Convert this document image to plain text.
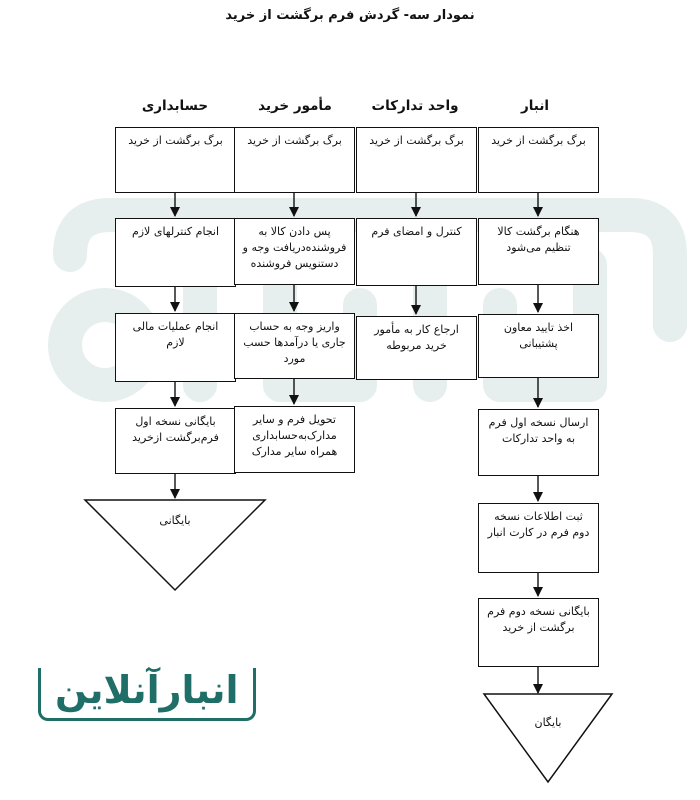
نمودار سه- گردش فرم برگشت از خرید
حسابداری	مأمور خرید	واحد تدارکات	انبار
برگ برگشت از خرید
انجام کنترلهای لازم
انجام عملیات مالی لازم
بایگانی نسخه اول فرم‌برگشت ازخرید
بایگانی
برگ برگشت از خرید
پس دادن کالا به فروشنده‌دریافت وجه و دستنویس فروشنده
واریز وجه به حساب جاری یا درآمدها حسب مورد
تحویل فرم و سایر مدارک‌به‌حسابداری همراه سایر مدارک
برگ برگشت از خرید
کنترل و امضای فرم
ارجاع کار به مأمور خرید مربوطه
برگ برگشت از خرید
هنگام برگشت کالا تنظیم می‌شود
اخذ تایید معاون پشتیبانی
ارسال نسخه اول فرم به واحد تدارکات
ثبت اطلاعات نسخه دوم فرم در کارت انبار
بایگانی نسخه دوم فرم برگشت از خرید
بایگان
انبارآنلاین
